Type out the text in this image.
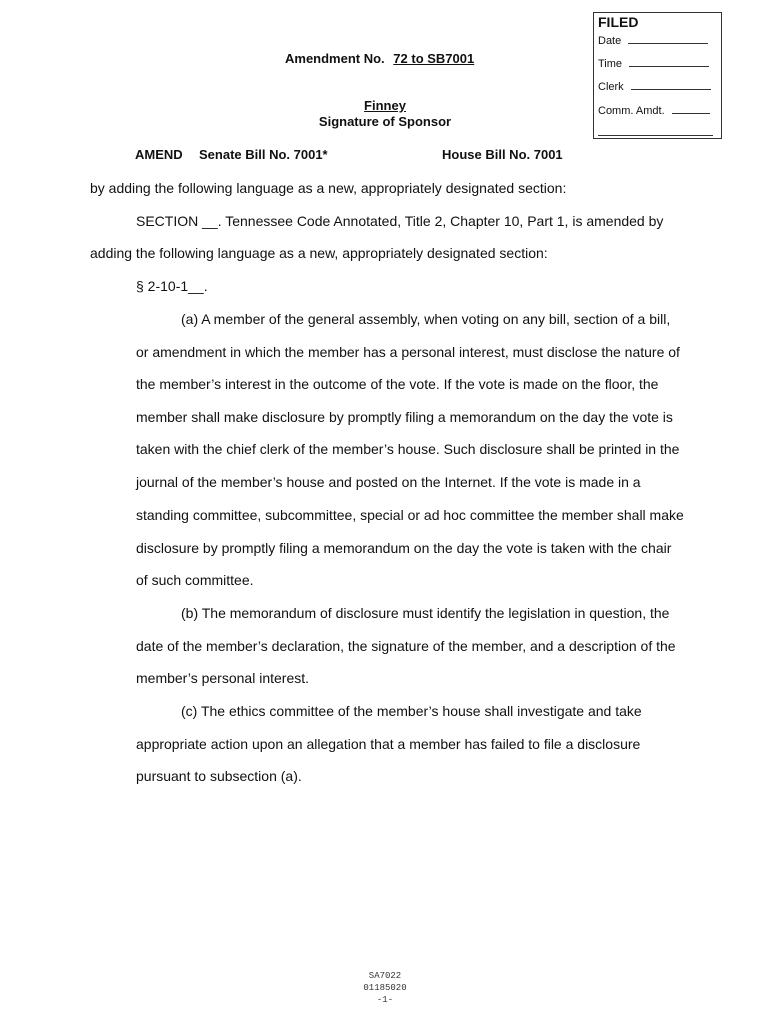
FILED
Date
Time
Clerk
Comm. Amdt.
Amendment No. 72 to SB7001
Finney
Signature of Sponsor
AMEND Senate Bill No. 7001*	House Bill No. 7001
by adding the following language as a new, appropriately designated section:
SECTION __. Tennessee Code Annotated, Title 2, Chapter 10, Part 1, is amended by
adding the following language as a new, appropriately designated section:
§ 2-10-1__.
(a) A member of the general assembly, when voting on any bill, section of a bill,
or amendment in which the member has a personal interest, must disclose the nature of
the member’s interest in the outcome of the vote. If the vote is made on the floor, the
member shall make disclosure by promptly filing a memorandum on the day the vote is
taken with the chief clerk of the member’s house. Such disclosure shall be printed in the
journal of the member’s house and posted on the Internet. If the vote is made in a
standing committee, subcommittee, special or ad hoc committee the member shall make
disclosure by promptly filing a memorandum on the day the vote is taken with the chair
of such committee.
(b) The memorandum of disclosure must identify the legislation in question, the
date of the member’s declaration, the signature of the member, and a description of the
member’s personal interest.
(c) The ethics committee of the member’s house shall investigate and take
appropriate action upon an allegation that a member has failed to file a disclosure
pursuant to subsection (a).
SA7022
01185020
-1-
